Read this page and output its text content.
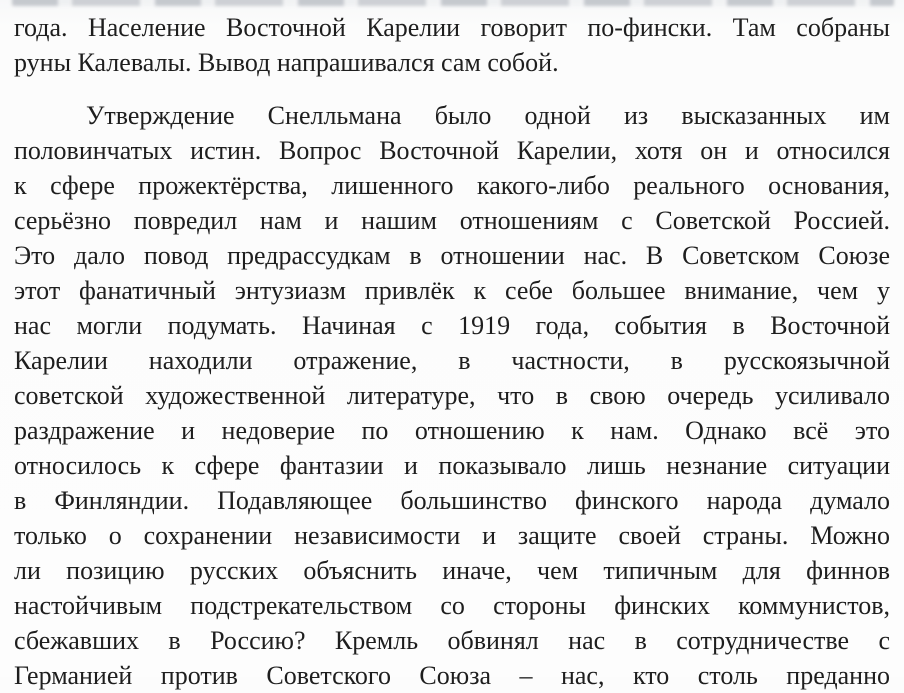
года. Население Восточной Карелии говорит по-фински. Там собраны
руны Калевалы. Вывод напрашивался сам собой.
Утверждение Снелльмана было одной из высказанных им
половинчатых истин. Вопрос Восточной Карелии, хотя он и относился
к сфере прожектёрства, лишенного какого-либо реального основания,
серьёзно повредил нам и нашим отношениям с Советской Россией.
Это дало повод предрассудкам в отношении нас. В Советском Союзе
этот фанатичный энтузиазм привлёк к себе большее внимание, чем у
нас могли подумать. Начиная с 1919 года, события в Восточной
Карелии находили отражение, в частности, в русскоязычной
советской художественной литературе, что в свою очередь усиливало
раздражение и недоверие по отношению к нам. Однако всё это
относилось к сфере фантазии и показывало лишь незнание ситуации
в Финляндии. Подавляющее большинство финского народа думало
только о сохранении независимости и защите своей страны. Можно
ли позицию русских объяснить иначе, чем типичным для финнов
настойчивым подстрекательством со стороны финских коммунистов,
сбежавших в Россию? Кремль обвинял нас в сотрудничестве с
Германией против Советского Союза – нас, кто столь преданно
